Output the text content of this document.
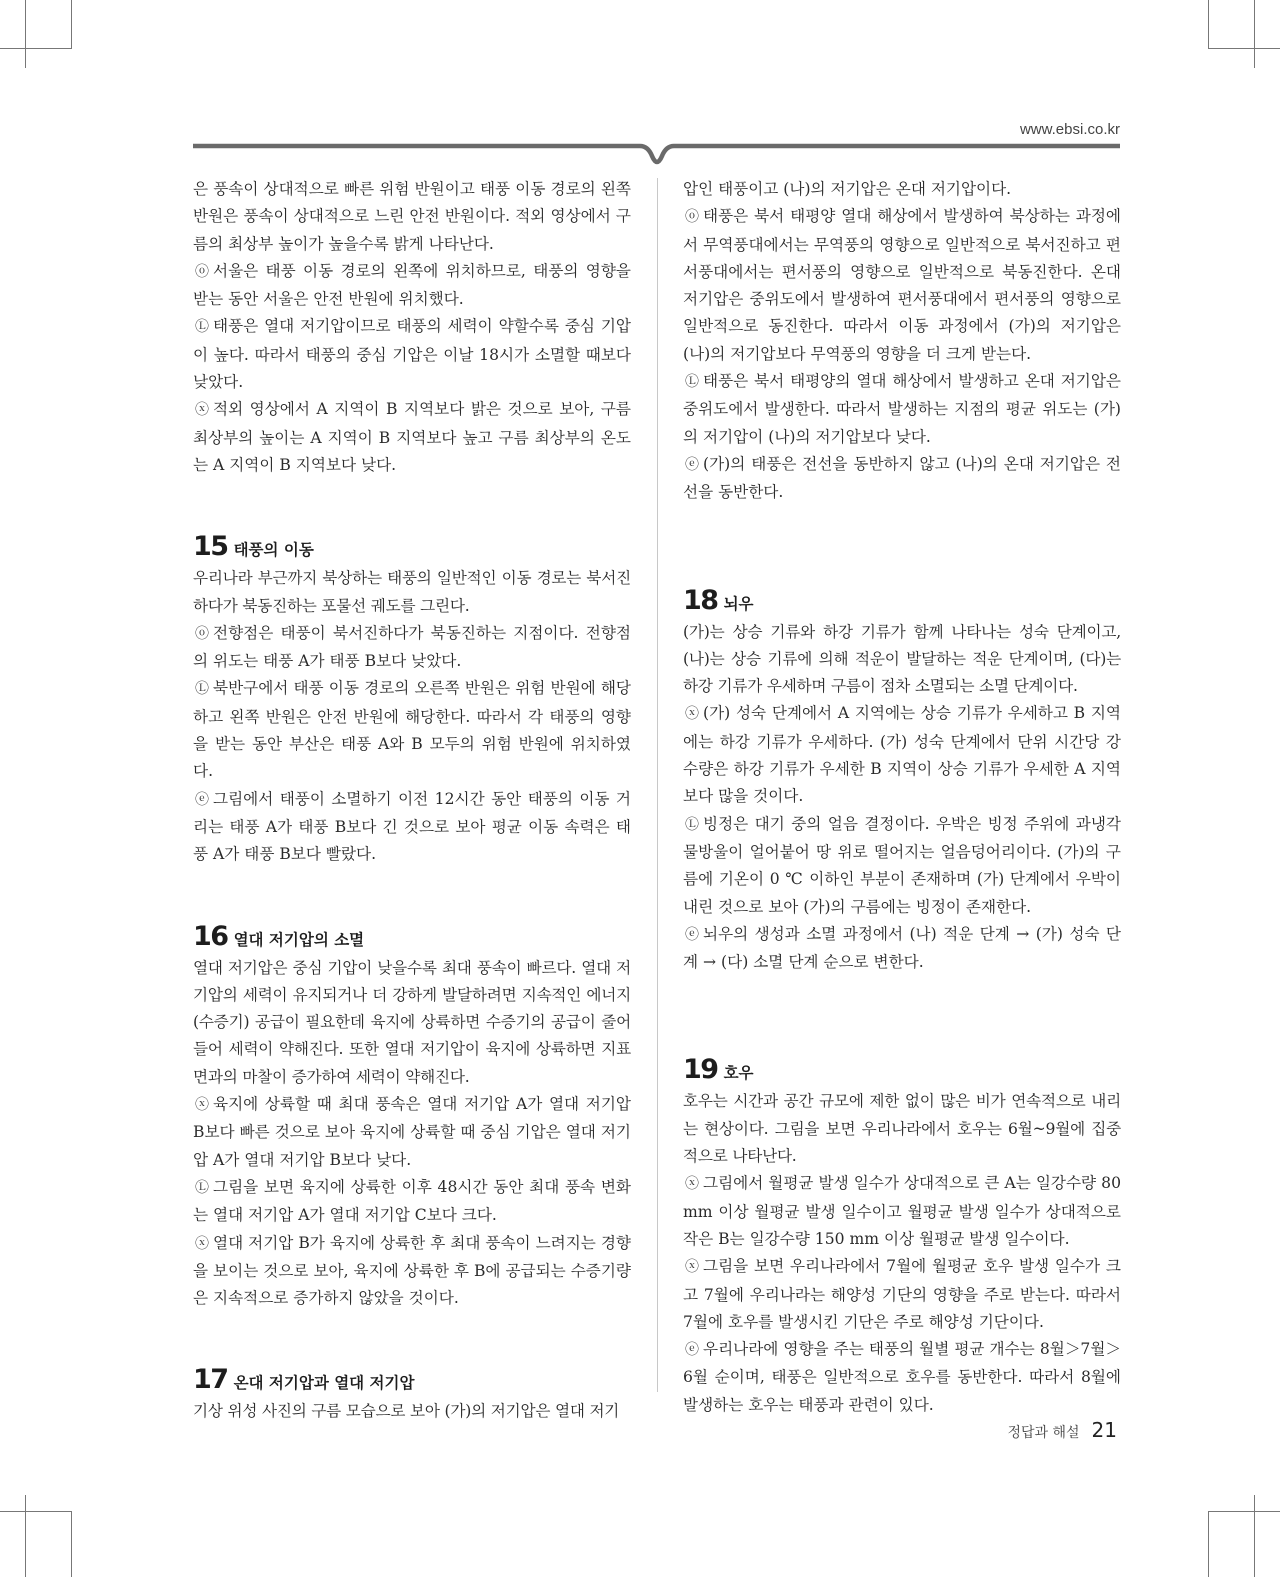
www.ebsi.co.kr

은 풍속이 상대적으로 빠른 위험 반원이고 태풍 이동 경로의 왼쪽 반원은 풍속이 상대적으로 느린 안전 반원이다. 적외 영상에서 구름의 최상부 높이가 높을수록 밝게 나타난다.

ⓞ 서울은 태풍 이동 경로의 왼쪽에 위치하므로, 태풍의 영향을 받는 동안 서울은 안전 반원에 위치했다.

Ⓛ 태풍은 열대 저기압이므로 태풍의 세력이 약할수록 중심 기압이 높다. 따라서 태풍의 중심 기압은 이날 18시가 소멸할 때보다 낮았다.

ⓧ 적외 영상에서 A 지역이 B 지역보다 밝은 것으로 보아, 구름 최상부의 높이는 A 지역이 B 지역보다 높고 구름 최상부의 온도는 A 지역이 B 지역보다 낮다.

15 태풍의 이동

우리나라 부근까지 북상하는 태풍의 일반적인 이동 경로는 북서진하다가 북동진하는 포물선 궤도를 그린다.

ⓞ 전향점은 태풍이 북서진하다가 북동진하는 지점이다. 전향점의 위도는 태풍 A가 태풍 B보다 낮았다.

Ⓛ 북반구에서 태풍 이동 경로의 오른쪽 반원은 위험 반원에 해당하고 왼쪽 반원은 안전 반원에 해당한다. 따라서 각 태풍의 영향을 받는 동안 부산은 태풍 A와 B 모두의 위험 반원에 위치하였다.

ⓔ 그림에서 태풍이 소멸하기 이전 12시간 동안 태풍의 이동 거리는 태풍 A가 태풍 B보다 긴 것으로 보아 평균 이동 속력은 태풍 A가 태풍 B보다 빨랐다.

16 열대 저기압의 소멸

열대 저기압은 중심 기압이 낮을수록 최대 풍속이 빠르다. 열대 저기압의 세력이 유지되거나 더 강하게 발달하려면 지속적인 에너지(수증기) 공급이 필요한데 육지에 상륙하면 수증기의 공급이 줄어들어 세력이 약해진다. 또한 열대 저기압이 육지에 상륙하면 지표면과의 마찰이 증가하여 세력이 약해진다.

ⓧ 육지에 상륙할 때 최대 풍속은 열대 저기압 A가 열대 저기압 B보다 빠른 것으로 보아 육지에 상륙할 때 중심 기압은 열대 저기압 A가 열대 저기압 B보다 낮다.

Ⓛ 그림을 보면 육지에 상륙한 이후 48시간 동안 최대 풍속 변화는 열대 저기압 A가 열대 저기압 C보다 크다.

ⓧ 열대 저기압 B가 육지에 상륙한 후 최대 풍속이 느려지는 경향을 보이는 것으로 보아, 육지에 상륙한 후 B에 공급되는 수증기량은 지속적으로 증가하지 않았을 것이다.

17 온대 저기압과 열대 저기압

기상 위성 사진의 구름 모습으로 보아 (가)의 저기압은 열대 저기

압인 태풍이고 (나)의 저기압은 온대 저기압이다.

ⓞ 태풍은 북서 태평양 열대 해상에서 발생하여 북상하는 과정에서 무역풍대에서는 무역풍의 영향으로 일반적으로 북서진하고 편서풍대에서는 편서풍의 영향으로 일반적으로 북동진한다. 온대 저기압은 중위도에서 발생하여 편서풍대에서 편서풍의 영향으로 일반적으로 동진한다. 따라서 이동 과정에서 (가)의 저기압은 (나)의 저기압보다 무역풍의 영향을 더 크게 받는다.

Ⓛ 태풍은 북서 태평양의 열대 해상에서 발생하고 온대 저기압은 중위도에서 발생한다. 따라서 발생하는 지점의 평균 위도는 (가)의 저기압이 (나)의 저기압보다 낮다.

ⓔ (가)의 태풍은 전선을 동반하지 않고 (나)의 온대 저기압은 전선을 동반한다.

18 뇌우

(가)는 상승 기류와 하강 기류가 함께 나타나는 성숙 단계이고, (나)는 상승 기류에 의해 적운이 발달하는 적운 단계이며, (다)는 하강 기류가 우세하며 구름이 점차 소멸되는 소멸 단계이다.

ⓧ (가) 성숙 단계에서 A 지역에는 상승 기류가 우세하고 B 지역에는 하강 기류가 우세하다. (가) 성숙 단계에서 단위 시간당 강수량은 하강 기류가 우세한 B 지역이 상승 기류가 우세한 A 지역보다 많을 것이다.

Ⓛ 빙정은 대기 중의 얼음 결정이다. 우박은 빙정 주위에 과냉각 물방울이 얼어붙어 땅 위로 떨어지는 얼음덩어리이다. (가)의 구름에 기온이 0 ℃ 이하인 부분이 존재하며 (가) 단계에서 우박이 내린 것으로 보아 (가)의 구름에는 빙정이 존재한다.

ⓔ 뇌우의 생성과 소멸 과정에서 (나) 적운 단계 → (가) 성숙 단계 → (다) 소멸 단계 순으로 변한다.

19 호우

호우는 시간과 공간 규모에 제한 없이 많은 비가 연속적으로 내리는 현상이다. 그림을 보면 우리나라에서 호우는 6월~9월에 집중적으로 나타난다.

ⓧ 그림에서 월평균 발생 일수가 상대적으로 큰 A는 일강수량 80 mm 이상 월평균 발생 일수이고 월평균 발생 일수가 상대적으로 작은 B는 일강수량 150 mm 이상 월평균 발생 일수이다.

ⓧ 그림을 보면 우리나라에서 7월에 월평균 호우 발생 일수가 크고 7월에 우리나라는 해양성 기단의 영향을 주로 받는다. 따라서 7월에 호우를 발생시킨 기단은 주로 해양성 기단이다.

ⓔ 우리나라에 영향을 주는 태풍의 월별 평균 개수는 8월＞7월＞6월 순이며, 태풍은 일반적으로 호우를 동반한다. 따라서 8월에 발생하는 호우는 태풍과 관련이 있다.

정답과 해설 21
